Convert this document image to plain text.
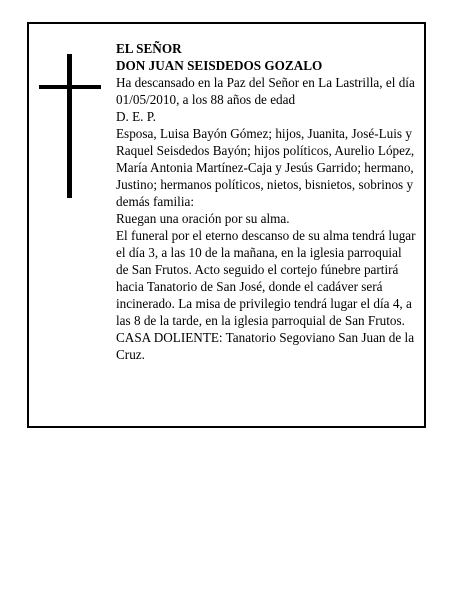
EL SEÑOR

DON JUAN SEISDEDOS GOZALO

Ha descansado en la Paz del Señor en La Lastrilla, el día 01/05/2010, a los 88 años de edad

D. E. P.

Esposa, Luisa Bayón Gómez; hijos, Juanita, José-Luis y Raquel Seisdedos Bayón; hijos políticos, Aurelio López, María Antonia Martínez-Caja y Jesús Garrido; hermano, Justino; hermanos políticos, nietos, bisnietos, sobrinos y demás familia:

Ruegan una oración por su alma.

El funeral por el eterno descanso de su alma tendrá lugar el día 3, a las 10 de la mañana, en la iglesia parroquial de San Frutos. Acto seguido el cortejo fúnebre partirá hacia Tanatorio de San José, donde el cadáver será incinerado. La misa de privilegio tendrá lugar el día 4, a las 8 de la tarde, en la iglesia parroquial de San Frutos.

CASA DOLIENTE: Tanatorio Segoviano San Juan de la Cruz.
